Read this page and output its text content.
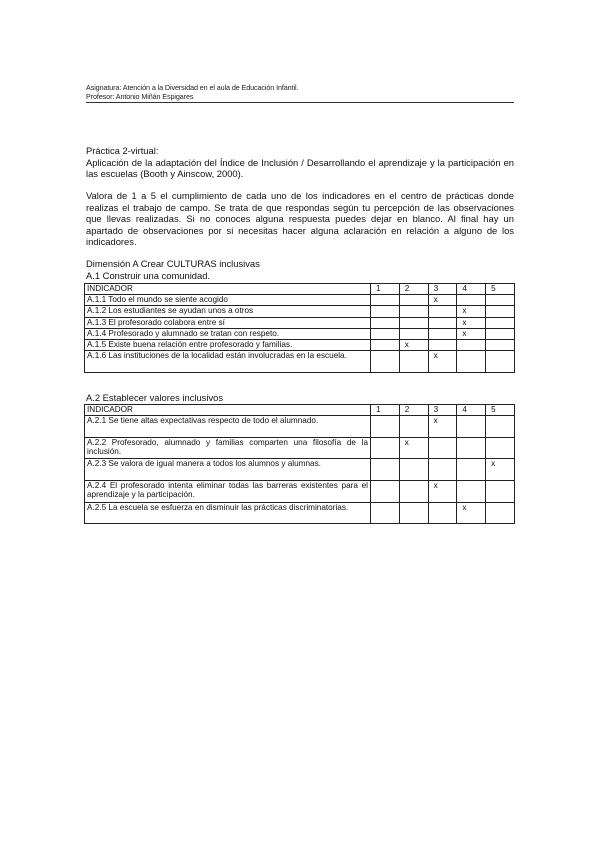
Asignatura: Atención a la Diversidad en el aula de Educación Infantil.
Profesor: Antonio Miñán Espigares

Práctica 2-virtual:

Aplicación de la adaptación del Índice de Inclusión / Desarrollando el aprendizaje y la participación en las escuelas (Booth y Ainscow, 2000).

Valora de 1 a 5 el cumplimiento de cada uno de los indicadores en el centro de prácticas donde realizas el trabajo de campo. Se trata de que respondas según tu percepción de las observaciones que llevas realizadas. Si no conoces alguna respuesta puedes dejar en blanco. Al final hay un apartado de observaciones por si necesitas hacer alguna aclaración en relación a alguno de los indicadores.

Dimensión A Crear CULTURAS inclusivas
A.1 Construir una comunidad.
INDICADOR	1	2	3	4	5
A.1.1 Todo el mundo se siente acogido			x		
A.1.2 Los estudiantes se ayudan unos a otros				x	
A.1.3 El profesorado colabora entre sí				x	
A.1.4 Profesorado y alumnado se tratan con respeto.				x	
A.1.5 Existe buena relación entre profesorado y familias.		x			
A.1.6 Las instituciones de la localidad están involucradas en la escuela.			x		
A.2 Establecer valores inclusivos
INDICADOR	1	2	3	4	5
A.2.1 Se tiene altas expectativas respecto de todo el alumnado.			x		
A.2.2 Profesorado, alumnado y familias comparten una filosofía de la inclusión.		x			
A.2.3 Se valora de igual manera a todos los alumnos y alumnas.					x
A.2.4 El profesorado intenta eliminar todas las barreras existentes para el aprendizaje y la participación.			x		
A.2.5 La escuela se esfuerza en disminuir las prácticas discriminatorias.				x	
